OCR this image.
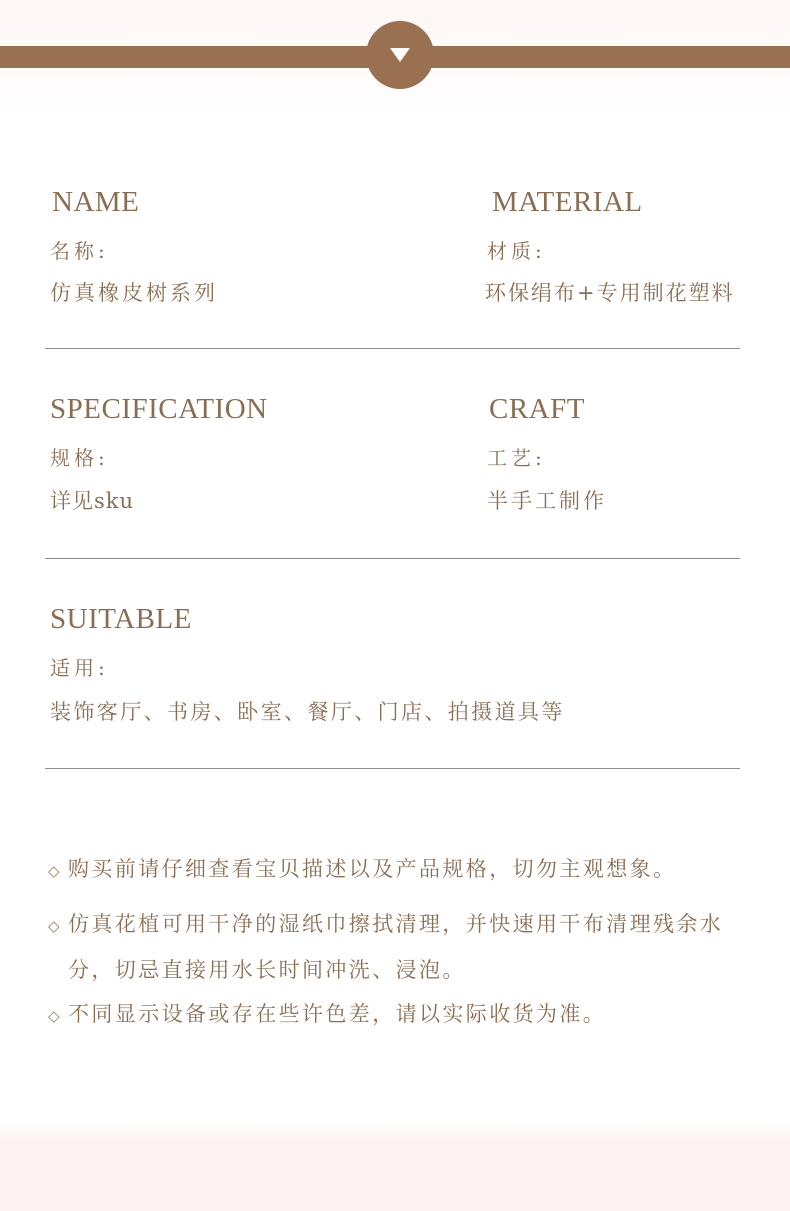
NAME
名称:
仿真橡皮树系列
MATERIAL
材质:
环保绢布+专用制花塑料
SPECIFICATION
规格:
详见sku
CRAFT
工艺:
半手工制作
SUITABLE
适用:
装饰客厅、书房、卧室、餐厅、门店、拍摄道具等
◇ 购买前请仔细查看宝贝描述以及产品规格，切勿主观想象。
◇ 仿真花植可用干净的湿纸巾擦拭清理，并快速用干布清理残余水
分，切忌直接用水长时间冲洗、浸泡。
◇ 不同显示设备或存在些许色差，请以实际收货为准。
